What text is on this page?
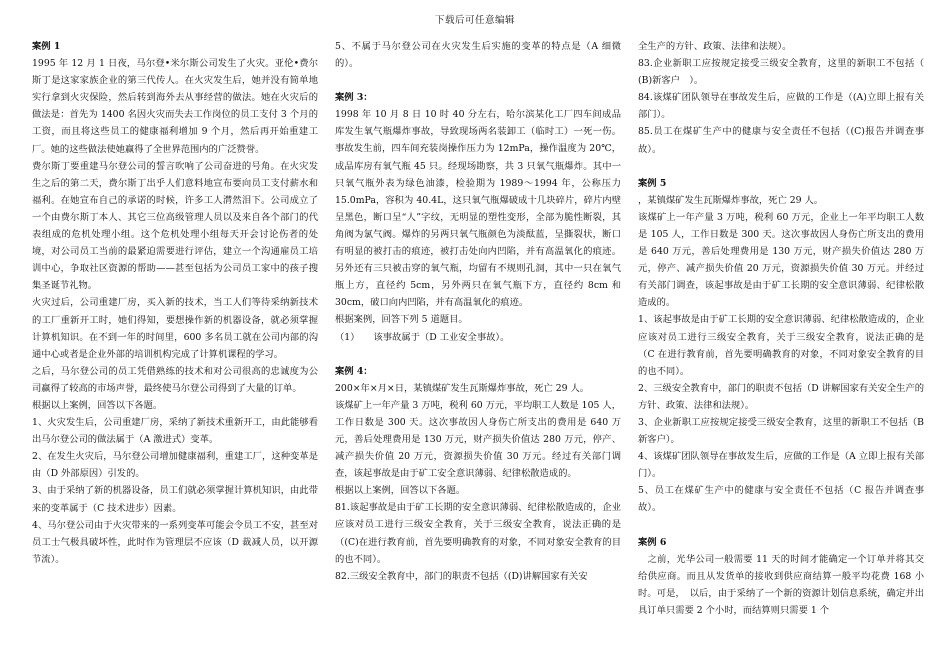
下载后可任意编辑

案例 1

1995 年 12 月 1 日夜，马尔登•米尔斯公司发生了火灾。亚伦•费尔斯丁是这家家族企业的第三代传人。在火灾发生后，她并没有简单地实行拿到火灾保险，然后转到海外去从事经营的做法。她在火灾后的做法是：首先为 1400 名因火灾而失去工作岗位的员工支付 3 个月的工资，而且将这些员工的健康福利增加 9 个月，然后再开始重建工厂。她的这些做法使她赢得了全世界范围内的广泛赞誉。

费尔斯丁要重建马尔登公司的誓言吹响了公司奋进的号角。在火灾发生之后的第二天，费尔斯丁出乎人们意料地宣布要向员工支付薪水和福利。在她宣布自己的承诺的时候，许多工人潸然泪下。公司成立了一个由费尔斯丁本人、其它三位高级管理人员以及来自各个部门的代表组成的危机处理小组。这个危机处理小组每天开会讨论伤者的处境，对公司员工当前的最紧迫需要进行评估，建立一个沟通雇员工培训中心，争取社区资源的帮助——甚至包括为公司员工家中的孩子搜集圣诞节礼物。

火灾过后，公司重建厂房，买入新的技术，当工人们等待采纳新技术的工厂重新开工时，她们得知，要想操作新的机器设备，就必须掌握计算机知识。在不到一年的时间里，600 多名员工就在公司内部的沟通中心或者是企业外部的培训机构完成了计算机课程的学习。

之后，马尔登公司的员工凭借熟练的技术和对公司很高的忠诚度为公司赢得了较高的市场声誉，最终使马尔登公司得到了大量的订单。

根据以上案例，回答以下各题。

1、火灾发生后，公司重建厂房，采纳了新技术重新开工，由此能够看出马尔登公司的做法属于（A 激进式）变革。

2、在发生火灾后，马尔登公司增加健康福利，重建工厂，这种变革是由（D 外部原因）引发的。

3、由于采纳了新的机器设备，员工们就必须掌握计算机知识，由此带来的变革属于（C 技术进步）因素。

4、马尔登公司由于火灾带来的一系列变革可能会令员工不安，甚至对员工士气极具破坏性，此时作为管理层不应该（D 裁减人员，以开源节流）。

5、不属于马尔登公司在火灾发生后实施的变革的特点是（A 细微的）。

案例 3：

1998 年 10 月 8 日 10 时 40 分左右，哈尔滨某化工厂四车间成品库发生氧气瓶爆炸事故，导致现场两名装卸工（临时工）一死一伤。事故发生前，四车间充装岗操作压力为 12mPa，操作温度为 20℃，成品库房有氧气瓶 45 只。经现场勘察，共 3 只氧气瓶爆炸。其中一只氧气瓶外表为绿色油漆，检验期为 1989～1994 年，公称压力 15.0mPa，容积为 40.4L，这只氧气瓶爆破成十几块碎片，碎片内壁呈黑色，断口呈“人”字纹，无明显的塑性变形，全部为脆性断裂，其角阀为氯气阀。爆炸的另两只氧气瓶颜色为淡酞蓝，呈撕裂状，断口有明显的被打击的痕迹，被打击处向内凹陷，并有高温氧化的痕迹。另外还有三只被击穿的氧气瓶，均留有不规则孔洞，其中一只在氧气瓶上方，直径约 5cm，另外两只在氧气瓶下方，直径约 8cm 和 30cm，破口向内凹陷，并有高温氧化的痕迹。

根据案例，回答下列 5 道题目。

（1）　　该事故属于（D 工业安全事故）。

案例 4：

200×年×月×日，某镇煤矿发生瓦斯爆炸事故，死亡 29 人。

该煤矿上一年产量 3 万吨，税利 60 万元，平均职工人数是 105 人，工作日数是 300 天。这次事故因人身伤亡所支出的费用是 640 万元，善后处理费用是 130 万元，财产损失价值达 280 万元，停产、减产损失价值 20 万元，资源损失价值 30 万元。经过有关部门调查，该起事故是由于矿工安全意识薄弱、纪律松散造成的。

根据以上案例，回答以下各题。

81.该起事故是由于矿工长期的安全意识薄弱、纪律松散造成的，企业应该对员工进行三级安全教育，关于三级安全教育，说法正确的是（(C)在进行教育前，首先要明确教育的对象，不同对象安全教育的目的也不同）。

82.三级安全教育中，部门的职责不包括（(D)讲解国家有关安

全生产的方针、政策、法律和法规）。

83.企业新职工应按规定接受三级安全教育，这里的新职工不包括（　　(B)新客户　）。

84.该煤矿团队领导在事故发生后，应做的工作是（(A)立即上报有关部门）。

85.员工在煤矿生产中的健康与安全责任不包括（(C)报告并调查事故）。

案例 5

，某镇煤矿发生瓦斯爆炸事故，死亡 29 人。

该煤矿上一年产量 3 万吨，税利 60 万元，企业上一年平均职工人数是 105 人，工作日数是 300 天。这次事故因人身伤亡所支出的费用是 640 万元，善后处理费用是 130 万元，财产损失价值达 280 万元，停产、减产损失价值 20 万元，资源损失价值 30 万元。并经过有关部门调查，该起事故是由于矿工长期的安全意识薄弱、纪律松散造成的。

1、该起事故是由于矿工长期的安全意识薄弱、纪律松散造成的，企业应该对员工进行三级安全教育，关于三级安全教育，说法正确的是（C 在进行教育前，首先要明确教育的对象，不同对象安全教育的目的也不同）。

2、三级安全教育中，部门的职责不包括（D 讲解国家有关安全生产的方针、政策、法律和法规）。

3、企业新职工应按规定接受三级安全教育，这里的新职工不包括（B 新客户）。

4、该煤矿团队领导在事故发生后，应做的工作是（A 立即上报有关部门）。

5、员工在煤矿生产中的健康与安全责任不包括（C 报告并调查事故）。

案例 6

　之前，光华公司一般需要 11 天的时间才能确定一个订单并将其交给供应商。而且从发货单的接收到供应商结算一般平均花费 168 小时。可是，　以后，由于采纳了一个新的资源计划信息系统，确定并出具订单只需要 2 个小时，而结算则只需要 1 个
